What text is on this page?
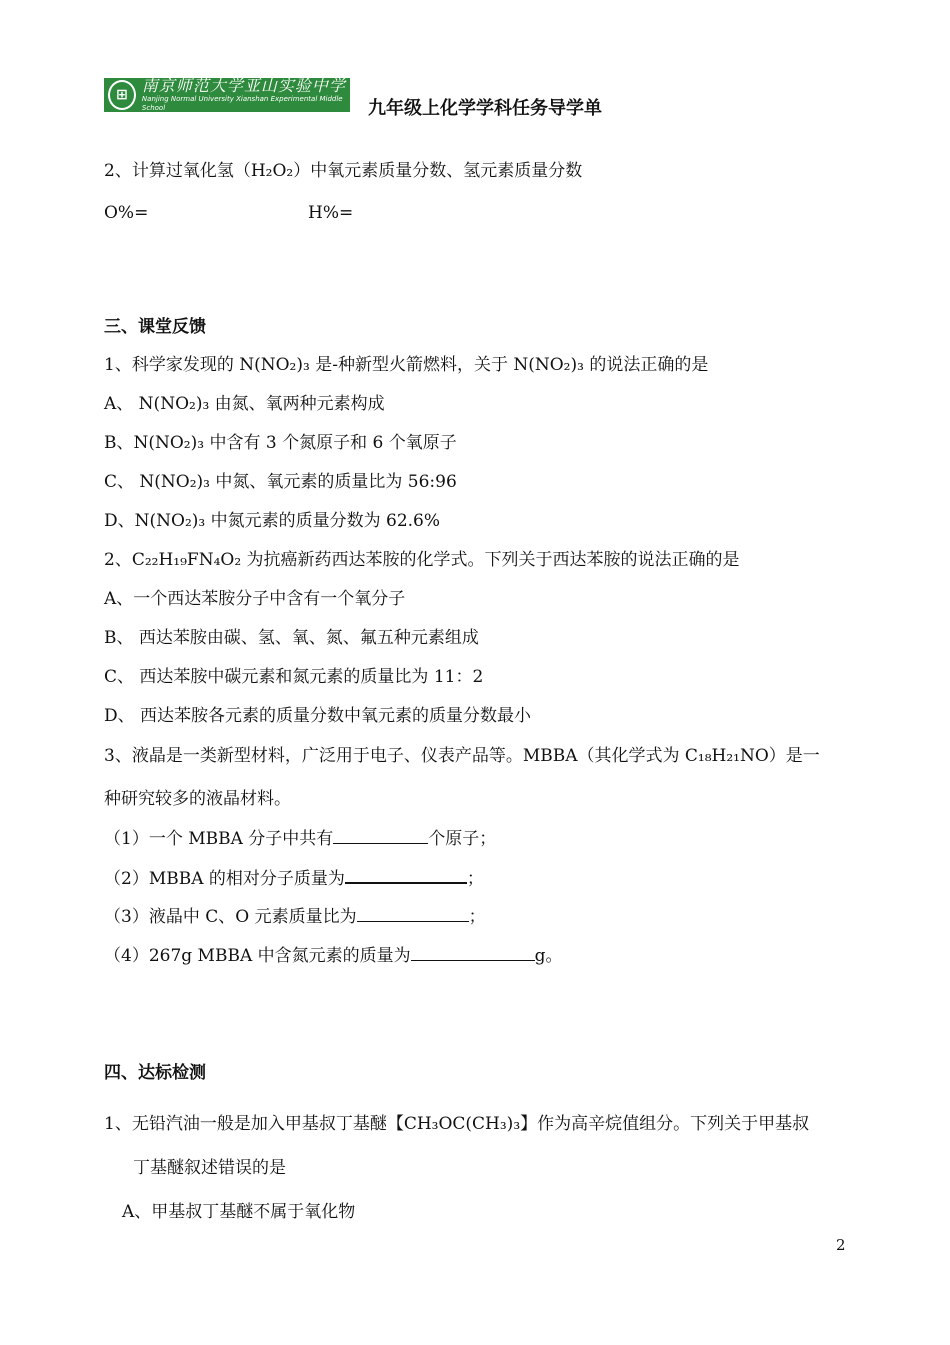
⊞ 南京师范大学亚山实验中学
Nanjing Normal University Xianshan Experimental Middle School	九年级上化学学科任务导学单
2、计算过氧化氢（H₂O₂）中氧元素质量分数、氢元素质量分数
O%=	H%=
三、课堂反馈
1、科学家发现的 N(NO₂)₃ 是-种新型火箭燃料，关于 N(NO₂)₃ 的说法正确的是
A、 N(NO₂)₃ 由氮、氧两种元素构成
B、N(NO₂)₃ 中含有 3 个氮原子和 6 个氧原子
C、 N(NO₂)₃ 中氮、氧元素的质量比为 56:96
D、N(NO₂)₃ 中氮元素的质量分数为 62.6%
2、C₂₂H₁₉FN₄O₂ 为抗癌新药西达苯胺的化学式。下列关于西达苯胺的说法正确的是
A、一个西达苯胺分子中含有一个氧分子
B、 西达苯胺由碳、氢、氧、氮、氟五种元素组成
C、 西达苯胺中碳元素和氮元素的质量比为 11：2
D、 西达苯胺各元素的质量分数中氧元素的质量分数最小
3、液晶是一类新型材料，广泛用于电子、仪表产品等。MBBA（其化学式为 C₁₈H₂₁NO）是一
种研究较多的液晶材料。
（1）一个 MBBA 分子中共有	个原子；
（2）MBBA 的相对分子质量为	；
（3）液晶中 C、O 元素质量比为	；
（4）267g MBBA 中含氮元素的质量为	g。
四、达标检测
1、无铅汽油一般是加入甲基叔丁基醚【CH₃OC(CH₃)₃】作为高辛烷值组分。下列关于甲基叔
丁基醚叙述错误的是
A、甲基叔丁基醚不属于氧化物
2
